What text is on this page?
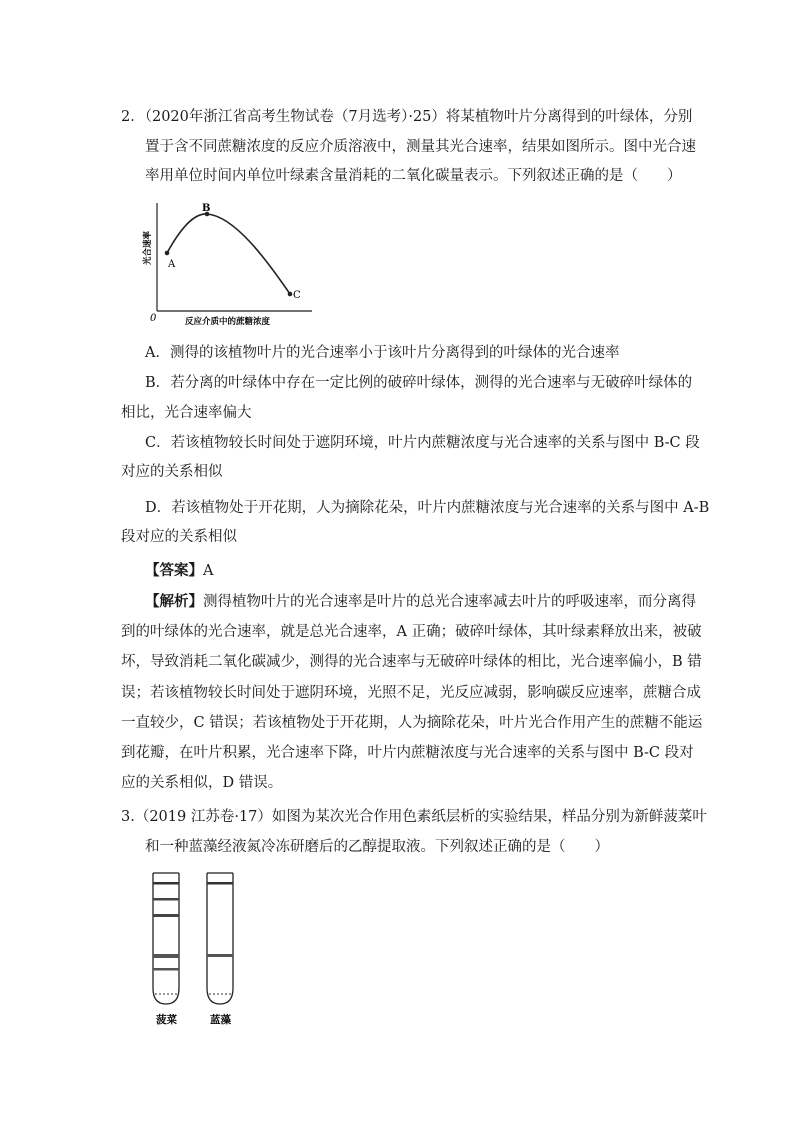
2．（2020年浙江省高考生物试卷（7月选考）·25）将某植物叶片分离得到的叶绿体，分别
置于含不同蔗糖浓度的反应介质溶液中，测量其光合速率，结果如图所示。图中光合速
率用单位时间内单位叶绿素含量消耗的二氧化碳量表示。下列叙述正确的是（　　）
A
B
C
0	反应介质中的蔗糖浓度
光合速率
A．测得的该植物叶片的光合速率小于该叶片分离得到的叶绿体的光合速率
B．若分离的叶绿体中存在一定比例的破碎叶绿体，测得的光合速率与无破碎叶绿体的
相比，光合速率偏大
C．若该植物较长时间处于遮阴环境，叶片内蔗糖浓度与光合速率的关系与图中 B-C 段
对应的关系相似
D．若该植物处于开花期，人为摘除花朵，叶片内蔗糖浓度与光合速率的关系与图中 A-B
段对应的关系相似
【答案】A
【解析】测得植物叶片的光合速率是叶片的总光合速率减去叶片的呼吸速率，而分离得
到的叶绿体的光合速率，就是总光合速率，A 正确；破碎叶绿体，其叶绿素释放出来，被破
坏，导致消耗二氧化碳减少，测得的光合速率与无破碎叶绿体的相比，光合速率偏小，B 错
误；若该植物较长时间处于遮阴环境，光照不足，光反应减弱，影响碳反应速率，蔗糖合成
一直较少，C 错误；若该植物处于开花期，人为摘除花朵，叶片光合作用产生的蔗糖不能运
到花瓣，在叶片积累，光合速率下降，叶片内蔗糖浓度与光合速率的关系与图中 B-C 段对
应的关系相似，D 错误。
3.（2019 江苏卷·17）如图为某次光合作用色素纸层析的实验结果，样品分别为新鲜菠菜叶
和一种蓝藻经液氮冷冻研磨后的乙醇提取液。下列叙述正确的是（　　）
菠菜	蓝藻
